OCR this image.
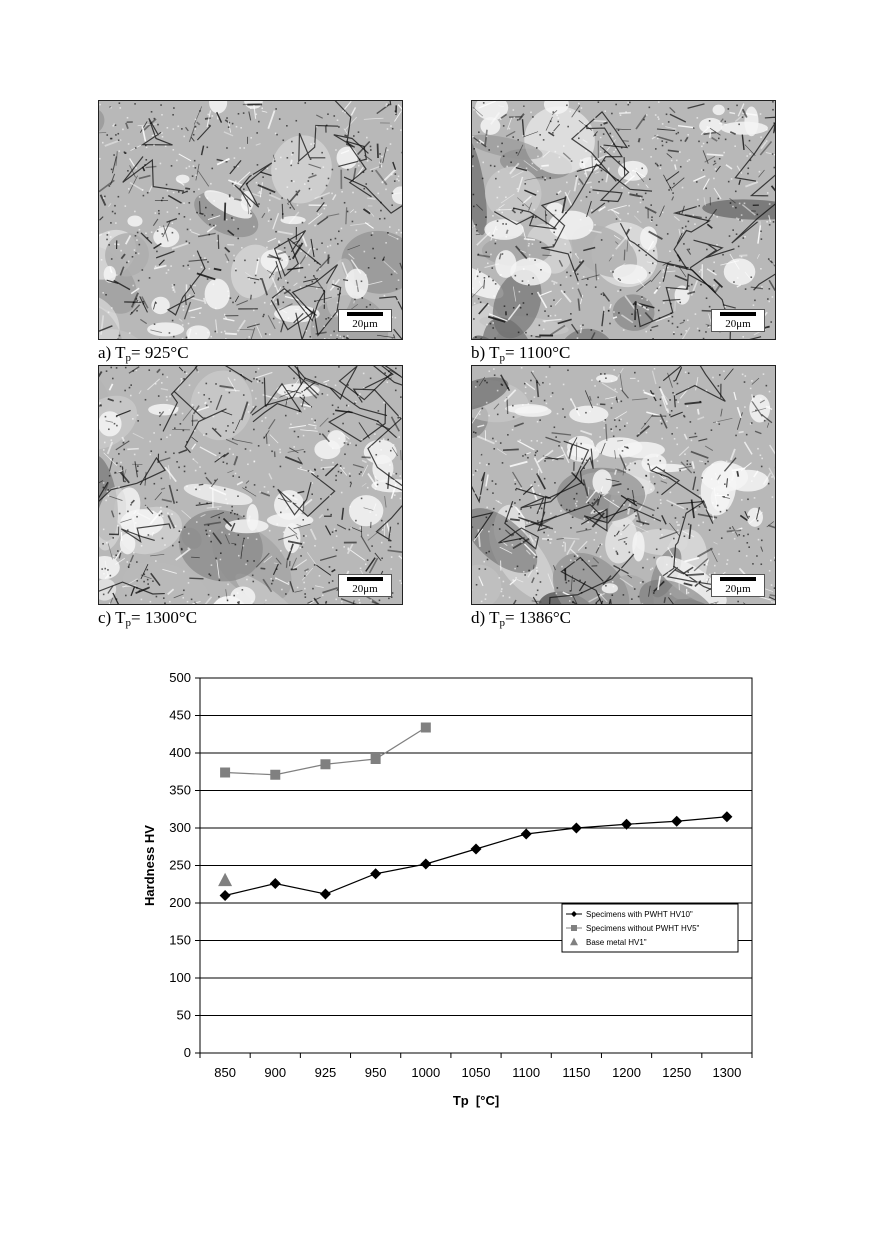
20μm
a) $T_p= 925^\circ C$
20μm
b) $T_p= 1100^\circ C$
20μm
c) $T_p= 1300^\circ C$
20μm
d) $T_p= 1386^\circ C$
0
50
100
150
200
250
300
350
400
450
500
850 900 925 950 1000 1050 1100 1150 1200 1250 1300
Tp  [°C]
Hardness HV
Specimens with PWHT HV10"
Specimens without PWHT HV5"
Base metal HV1"
